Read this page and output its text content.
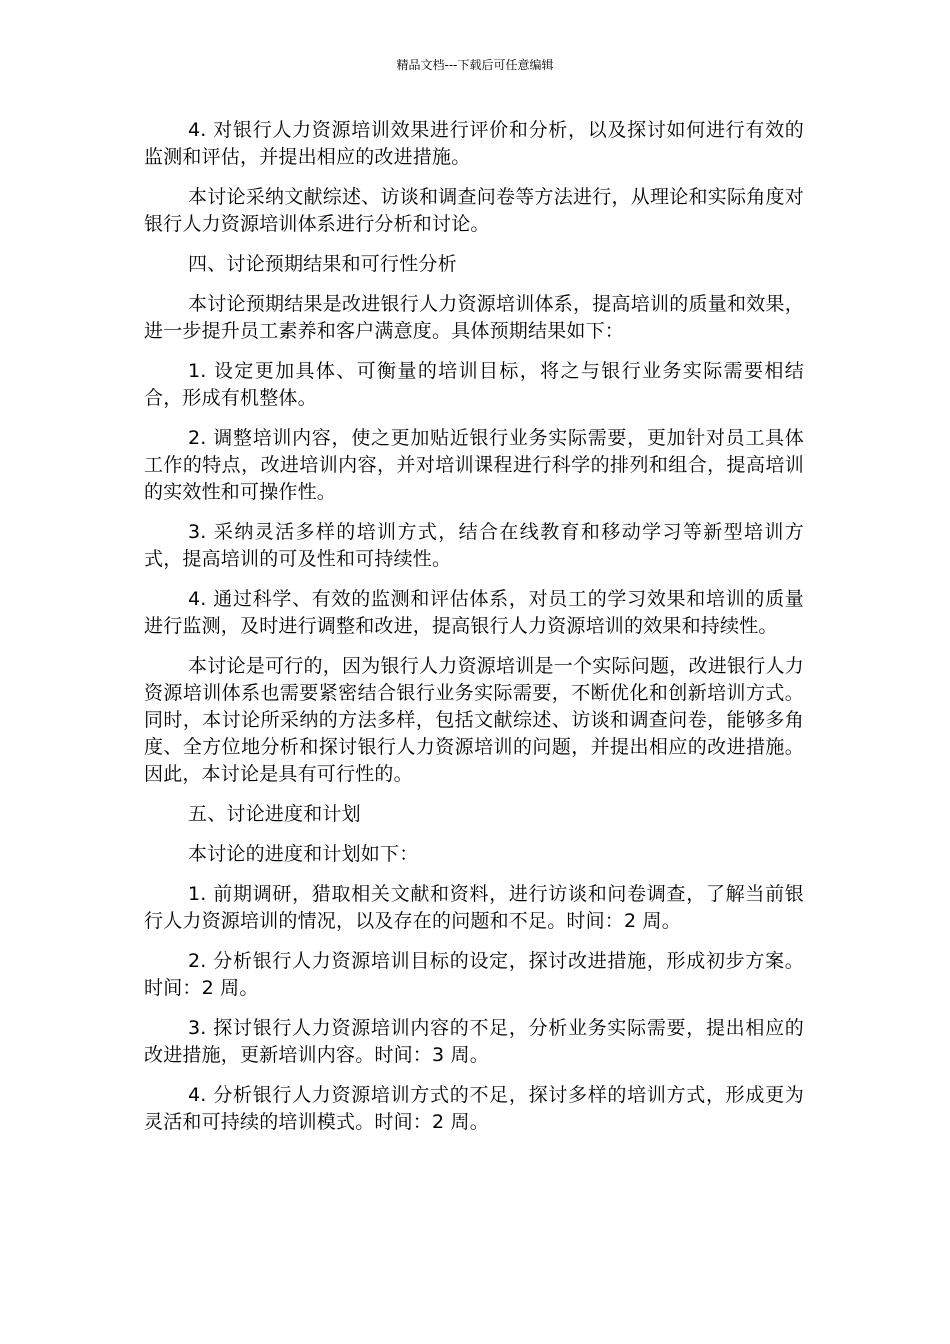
精品文档---下载后可任意编辑

4. 对银行人力资源培训效果进行评价和分析，以及探讨如何进行有效的监测和评估，并提出相应的改进措施。

本讨论采纳文献综述、访谈和调查问卷等方法进行，从理论和实际角度对银行人力资源培训体系进行分析和讨论。

四、讨论预期结果和可行性分析

本讨论预期结果是改进银行人力资源培训体系，提高培训的质量和效果，进一步提升员工素养和客户满意度。具体预期结果如下：

1. 设定更加具体、可衡量的培训目标，将之与银行业务实际需要相结合，形成有机整体。

2. 调整培训内容，使之更加贴近银行业务实际需要，更加针对员工具体工作的特点，改进培训内容，并对培训课程进行科学的排列和组合，提高培训的实效性和可操作性。

3. 采纳灵活多样的培训方式，结合在线教育和移动学习等新型培训方式，提高培训的可及性和可持续性。

4. 通过科学、有效的监测和评估体系，对员工的学习效果和培训的质量进行监测，及时进行调整和改进，提高银行人力资源培训的效果和持续性。

本讨论是可行的，因为银行人力资源培训是一个实际问题，改进银行人力资源培训体系也需要紧密结合银行业务实际需要，不断优化和创新培训方式。同时，本讨论所采纳的方法多样，包括文献综述、访谈和调查问卷，能够多角度、全方位地分析和探讨银行人力资源培训的问题，并提出相应的改进措施。因此，本讨论是具有可行性的。

五、讨论进度和计划

本讨论的进度和计划如下：

1. 前期调研，猎取相关文献和资料，进行访谈和问卷调查，了解当前银行人力资源培训的情况，以及存在的问题和不足。时间：2 周。

2. 分析银行人力资源培训目标的设定，探讨改进措施，形成初步方案。时间：2 周。

3. 探讨银行人力资源培训内容的不足，分析业务实际需要，提出相应的改进措施，更新培训内容。时间：3 周。

4. 分析银行人力资源培训方式的不足，探讨多样的培训方式，形成更为灵活和可持续的培训模式。时间：2 周。
